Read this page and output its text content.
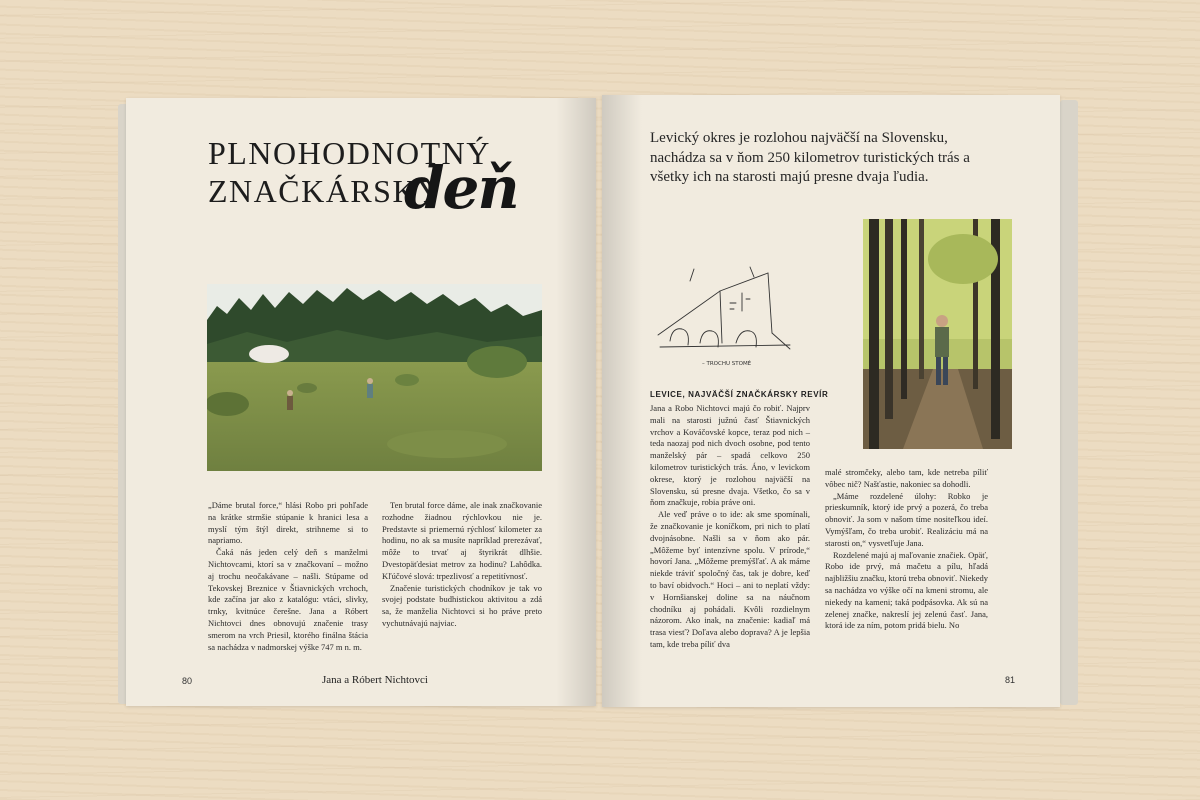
PLNOHODNOTNÝ
ZNAČKÁRSKY
deň

„Dáme brutal force,“ hlási Robo pri pohľade na krátke strmšie stúpanie k hranici lesa a myslí tým štýl direkt, strihneme si to napriamo.

Čaká nás jeden celý deň s manželmi Nichtovcami, ktorí sa v značkovaní – možno aj trochu neočakávane – našli. Stúpame od Tekovskej Breznice v Štiavnických vrchoch, kde začína jar ako z katalógu: vtáci, slivky, trnky, kvitnúce čerešne. Jana a Róbert Nichtovci dnes obnovujú značenie trasy smerom na vrch Priesil, ktorého finálna štácia sa nachádza v nadmorskej výške 747 m n. m.

Ten brutal force dáme, ale inak značkovanie rozhodne žiadnou rýchlovkou nie je. Predstavte si priemernú rýchlosť kilometer za hodinu, no ak sa musíte napríklad prerezávať, môže to trvať aj štyrikrát dlhšie. Dvestopäťdesiat metrov za hodinu? Lahôdka. Kľúčové slová: trpezlivosť a repetitívnosť.

Značenie turistických chodníkov je tak vo svojej podstate budhistickou aktivitou a zdá sa, že manželia Nichtovci si ho práve preto vychutnávajú najviac.

80	Jana a Róbert Nichtovci

Levický okres je rozlohou najväčší na Slovensku, nachádza sa v ňom 250 kilometrov turistických trás a všetky ich na starosti majú presne dvaja ľudia.

– TROCHU STOMÉ

LEVICE, NAJVÄČŠÍ ZNAČKÁRSKY REVÍR

Jana a Robo Nichtovci majú čo robiť. Najprv mali na starosti južnú časť Štiavnických vrchov a Kováčovské kopce, teraz pod nich – teda naozaj pod nich dvoch osobne, pod tento manželský pár – spadá celkovo 250 kilometrov turistických trás. Áno, v levickom okrese, ktorý je rozlohou najväčší na Slovensku, sú presne dvaja. Všetko, čo sa v ňom značkuje, robia práve oni.

Ale veď práve o to ide: ak sme spomínali, že značkovanie je koníčkom, pri nich to platí dvojnásobne. Našli sa v ňom ako pár. „Môžeme byť intenzívne spolu. V prírode,“ hovorí Jana. „Môžeme premýšľať. A ak máme niekde tráviť spoločný čas, tak je dobre, keď to baví obidvoch.“ Hoci – ani to neplatí vždy: v Hornšianskej doline sa na náučnom chodníku aj pohádali. Kvôli rozdielnym názorom. Ako inak, na značenie: kadiaľ má trasa viesť? Doľava alebo doprava? A je lepšia tam, kde treba píliť dva

malé stromčeky, alebo tam, kde netreba píliť vôbec nič? Našťastie, nakoniec sa dohodli.

„Máme rozdelené úlohy: Robko je prieskumník, ktorý ide prvý a pozerá, čo treba obnoviť. Ja som v našom tíme nositeľkou ideí. Vymýšľam, čo treba urobiť. Realizáciu má na starosti on,“ vysvetľuje Jana.

Rozdelené majú aj maľovanie značiek. Opäť, Robo ide prvý, má mačetu a pílu, hľadá najbližšiu značku, ktorú treba obnoviť. Niekedy sa nachádza vo výške očí na kmeni stromu, ale niekedy na kameni; taká podpásovka. Ak sú na zelenej značke, nakreslí jej zelenú časť. Jana, ktorá ide za ním, potom pridá bielu. No

81
